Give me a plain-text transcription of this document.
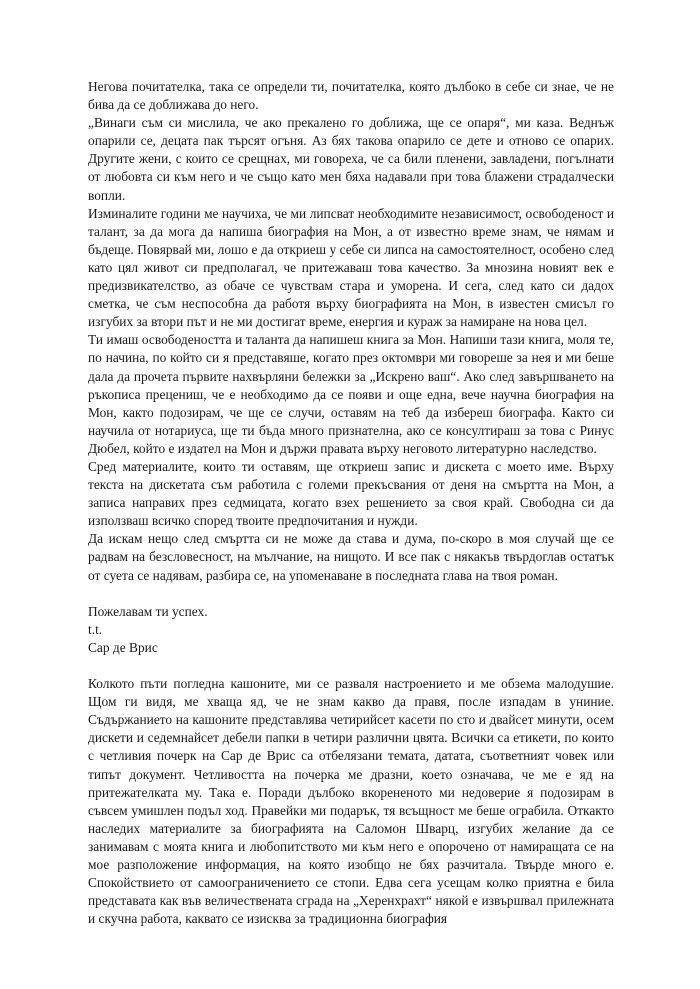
Негова почитателка, така се определи ти, почитателка, която дълбоко в себе си знае, че не бива да се доближава до него.

„Винаги съм си мислила, че ако прекалено го доближа, ще се опаря“, ми каза. Веднъж опарили се, децата пак търсят огъня. Аз бях такова опарило се дете и отново се опарих. Другите жени, с които се срещнах, ми говореха, че са били пленени, завладени, погълнати от любовта си към него и че също като мен бяха надавали при това блажени страдалчески вопли.

Изминалите години ме научиха, че ми липсват необходимите независимост, освободеност и талант, за да мога да напиша биография на Мон, а от известно време знам, че нямам и бъдеще. Повярвай ми, лошо е да откриеш у себе си липса на самостоятелност, особено след като цял живот си предполагал, че притежаваш това качество. За мнозина новият век е предизвикателство, аз обаче се чувствам стара и уморена. И сега, след като си дадох сметка, че съм неспособна да работя върху биографията на Мон, в известен смисъл го изгубих за втори път и не ми достигат време, енергия и кураж за намиране на нова цел.

Ти имаш освободеността и таланта да напишеш книга за Мон. Напиши тази книга, моля те, по начина, по който си я представяше, когато през октомври ми говореше за нея и ми беше дала да прочета първите нахвърляни бележки за „Искрено ваш“. Ако след завършването на ръкописа прецениш, че е необходимо да се появи и още една, вече научна биография на Мон, както подозирам, че ще се случи, оставям на теб да избереш биографа. Както си научила от нотариуса, ще ти бъда много признателна, ако се консултираш за това с Ринус Дюбел, който е издател на Мон и държи правата върху неговото литературно наследство.

Сред материалите, които ти оставям, ще откриеш запис и дискета с моето име. Върху текста на дискетата съм работила с големи прекъсвания от деня на смъртта на Мон, а записа направих през седмицата, когато взех решението за своя край. Свободна си да използваш всичко според твоите предпочитания и нужди.

Да искам нещо след смъртта си не може да става и дума, по-скоро в моя случай ще се радвам на безсловесност, на мълчание, на нищото. И все пак с някакъв твърдоглав остатък от суета се надявам, разбира се, на упоменаване в последната глава на твоя роман.

Пожелавам ти успех.

t.t.

Сар де Врис

Колкото пъти погледна кашоните, ми се разваля настроението и ме обзема малодушие. Щом ги видя, ме хваща яд, че не знам какво да правя, после изпадам в униние. Съдържанието на кашоните представлява четирийсет касети по сто и двайсет минути, осем дискети и седемнайсет дебели папки в четири различни цвята. Всички са етикети, по които с четливия почерк на Сар де Врис са отбелязани темата, датата, съответният човек или типът документ. Четливостта на почерка ме дразни, което означава, че ме е яд на притежателката му. Така е. Поради дълбоко вкорененото ми недоверие я подозирам в съвсем умишлен подъл ход. Правейки ми подарък, тя всъщност ме беше ограбила. Откакто наследих материалите за биографията на Саломон Шварц, изгубих желание да се занимавам с моята книга и любопитството ми към него е опорочено от намиращата се на мое разположение информация, на която изобщо не бях разчитала. Твърде много е. Спокойствието от самоограничението се стопи. Едва сега усещам колко приятна е била представата как във величествената сграда на „Херенхрахт“ някой е извършвал прилежната и скучна работа, каквато се изисква за традиционна биография
